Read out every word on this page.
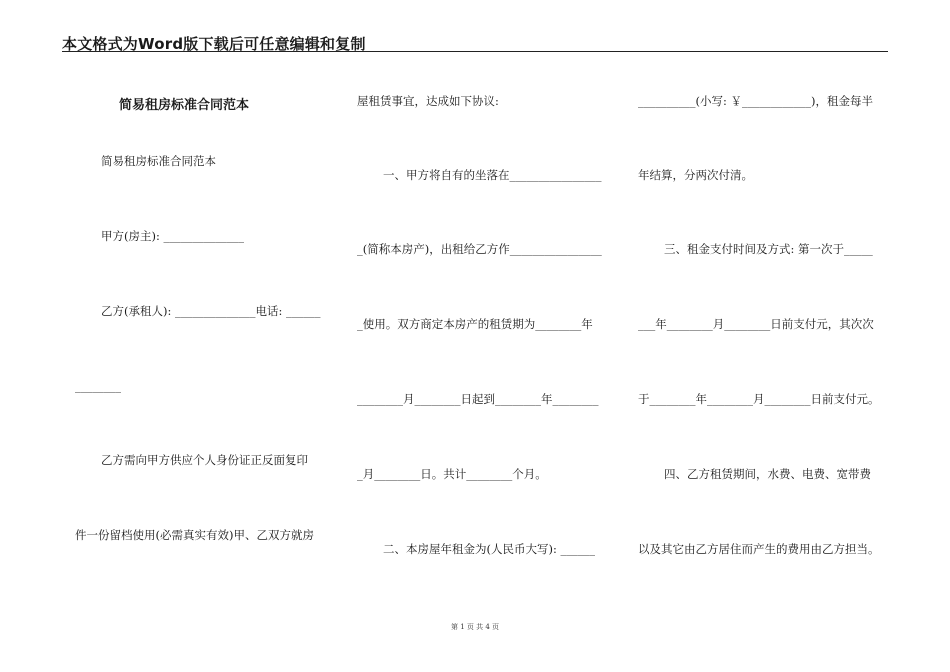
本文格式为Word版下载后可任意编辑和复制
简易租房标准合同范本
简易租房标准合同范本
甲方(房主): ______________
乙方(承租人): ______________电话: ______
________
乙方需向甲方供应个人身份证正反面复印
件一份留档使用(必需真实有效)甲、乙双方就房
屋租赁事宜，达成如下协议:
一、甲方将自有的坐落在________________
_(简称本房产)，出租给乙方作________________
_使用。双方商定本房产的租赁期为________年
________月________日起到________年________
_月________日。共计________个月。
二、本房屋年租金为(人民币大写): ______
__________(小写: ￥____________)，租金每半
年结算，分两次付清。
三、租金支付时间及方式: 第一次于_____
___年________月________日前支付元，其次次
于________年________月________日前支付元。
四、乙方租赁期间，水费、电费、宽带费
以及其它由乙方居住而产生的费用由乙方担当。
第 1 页 共 4 页
